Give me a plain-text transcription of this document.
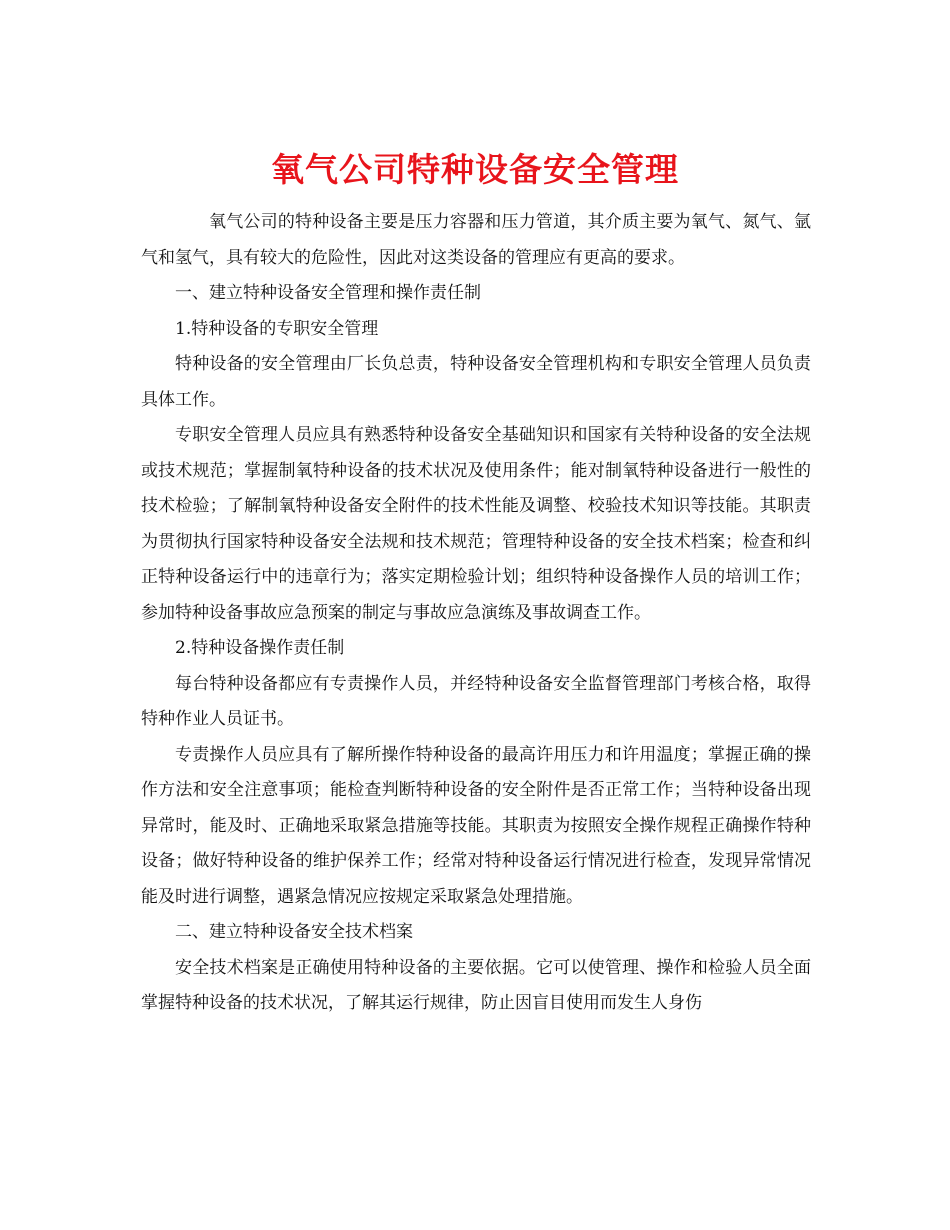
氧气公司特种设备安全管理

氧气公司的特种设备主要是压力容器和压力管道，其介质主要为氧气、氮气、氩气和氢气，具有较大的危险性，因此对这类设备的管理应有更高的要求。

一、建立特种设备安全管理和操作责任制

1.特种设备的专职安全管理

特种设备的安全管理由厂长负总责，特种设备安全管理机构和专职安全管理人员负责具体工作。

专职安全管理人员应具有熟悉特种设备安全基础知识和国家有关特种设备的安全法规或技术规范；掌握制氧特种设备的技术状况及使用条件；能对制氧特种设备进行一般性的技术检验；了解制氧特种设备安全附件的技术性能及调整、校验技术知识等技能。其职责为贯彻执行国家特种设备安全法规和技术规范；管理特种设备的安全技术档案；检查和纠正特种设备运行中的违章行为；落实定期检验计划；组织特种设备操作人员的培训工作；参加特种设备事故应急预案的制定与事故应急演练及事故调查工作。

2.特种设备操作责任制

每台特种设备都应有专责操作人员，并经特种设备安全监督管理部门考核合格，取得特种作业人员证书。

专责操作人员应具有了解所操作特种设备的最高许用压力和许用温度；掌握正确的操作方法和安全注意事项；能检查判断特种设备的安全附件是否正常工作；当特种设备出现异常时，能及时、正确地采取紧急措施等技能。其职责为按照安全操作规程正确操作特种设备；做好特种设备的维护保养工作；经常对特种设备运行情况进行检查，发现异常情况能及时进行调整，遇紧急情况应按规定采取紧急处理措施。

二、建立特种设备安全技术档案

安全技术档案是正确使用特种设备的主要依据。它可以使管理、操作和检验人员全面掌握特种设备的技术状况，了解其运行规律，防止因盲目使用而发生人身伤
